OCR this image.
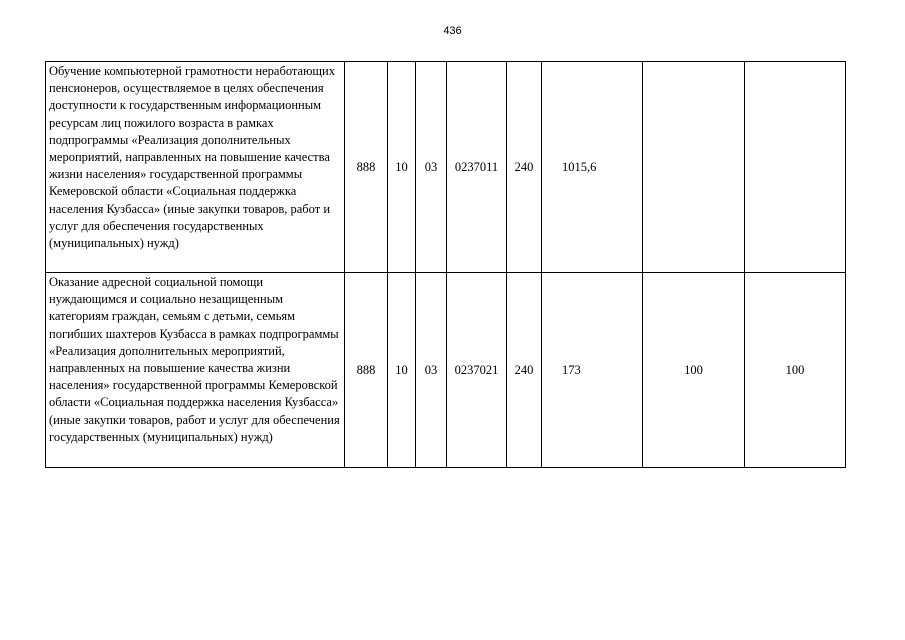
436
Обучение компьютерной грамотности неработающих пенсионеров, осуществляемое в целях обеспечения доступности к государственным информационным ресурсам лиц пожилого возраста в рамках подпрограммы «Реализация дополнительных мероприятий, направленных на повышение качества жизни населения» государственной программы Кемеровской области «Социальная поддержка населения Кузбасса» (иные закупки товаров, работ и услуг для обеспечения государственных (муниципальных) нужд)	888	10	03	0237011	240	1015,6		
Оказание адресной социальной помощи нуждающимся и социально незащищенным категориям граждан, семьям с детьми, семьям погибших шахтеров Кузбасса в рамках подпрограммы «Реализация дополнительных мероприятий, направленных на повышение качества жизни населения» государственной программы Кемеровской области «Социальная поддержка населения Кузбасса» (иные закупки товаров, работ и услуг для обеспечения государственных (муниципальных) нужд)	888	10	03	0237021	240	173	100	100
